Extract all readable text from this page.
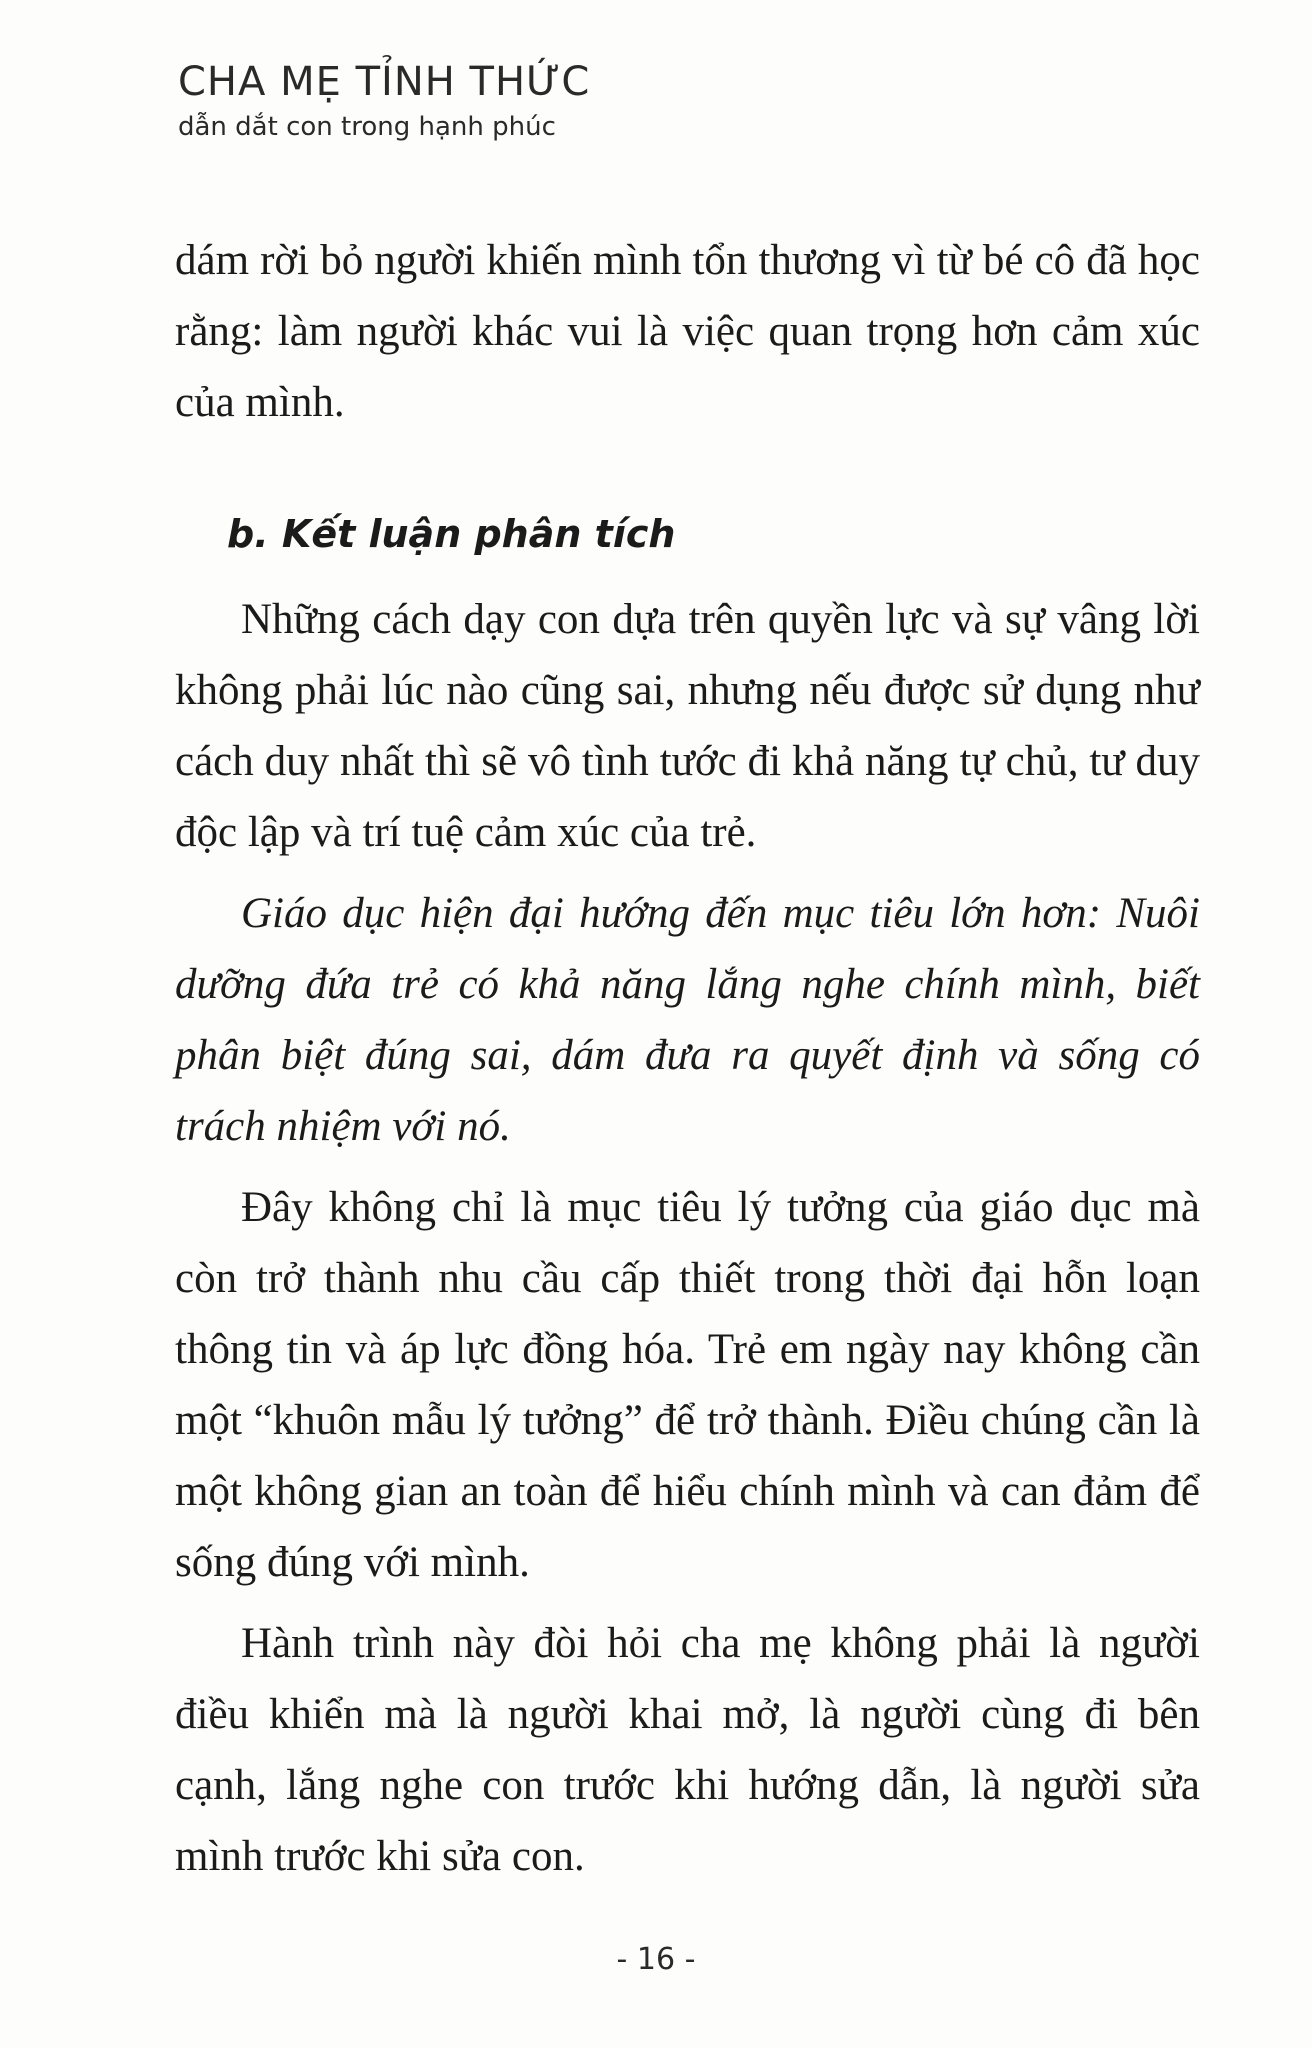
CHA MẸ TỈNH THỨC
dẫn dắt con trong hạnh phúc

dám rời bỏ người khiến mình tổn thương vì từ bé cô đã học rằng: làm người khác vui là việc quan trọng hơn cảm xúc của mình.

b. Kết luận phân tích

Những cách dạy con dựa trên quyền lực và sự vâng lời không phải lúc nào cũng sai, nhưng nếu được sử dụng như cách duy nhất thì sẽ vô tình tước đi khả năng tự chủ, tư duy độc lập và trí tuệ cảm xúc của trẻ.

Giáo dục hiện đại hướng đến mục tiêu lớn hơn: Nuôi dưỡng đứa trẻ có khả năng lắng nghe chính mình, biết phân biệt đúng sai, dám đưa ra quyết định và sống có trách nhiệm với nó.

Đây không chỉ là mục tiêu lý tưởng của giáo dục mà còn trở thành nhu cầu cấp thiết trong thời đại hỗn loạn thông tin và áp lực đồng hóa. Trẻ em ngày nay không cần một “khuôn mẫu lý tưởng” để trở thành. Điều chúng cần là một không gian an toàn để hiểu chính mình và can đảm để sống đúng với mình.

Hành trình này đòi hỏi cha mẹ không phải là người điều khiển mà là người khai mở, là người cùng đi bên cạnh, lắng nghe con trước khi hướng dẫn, là người sửa mình trước khi sửa con.

- 16 -
